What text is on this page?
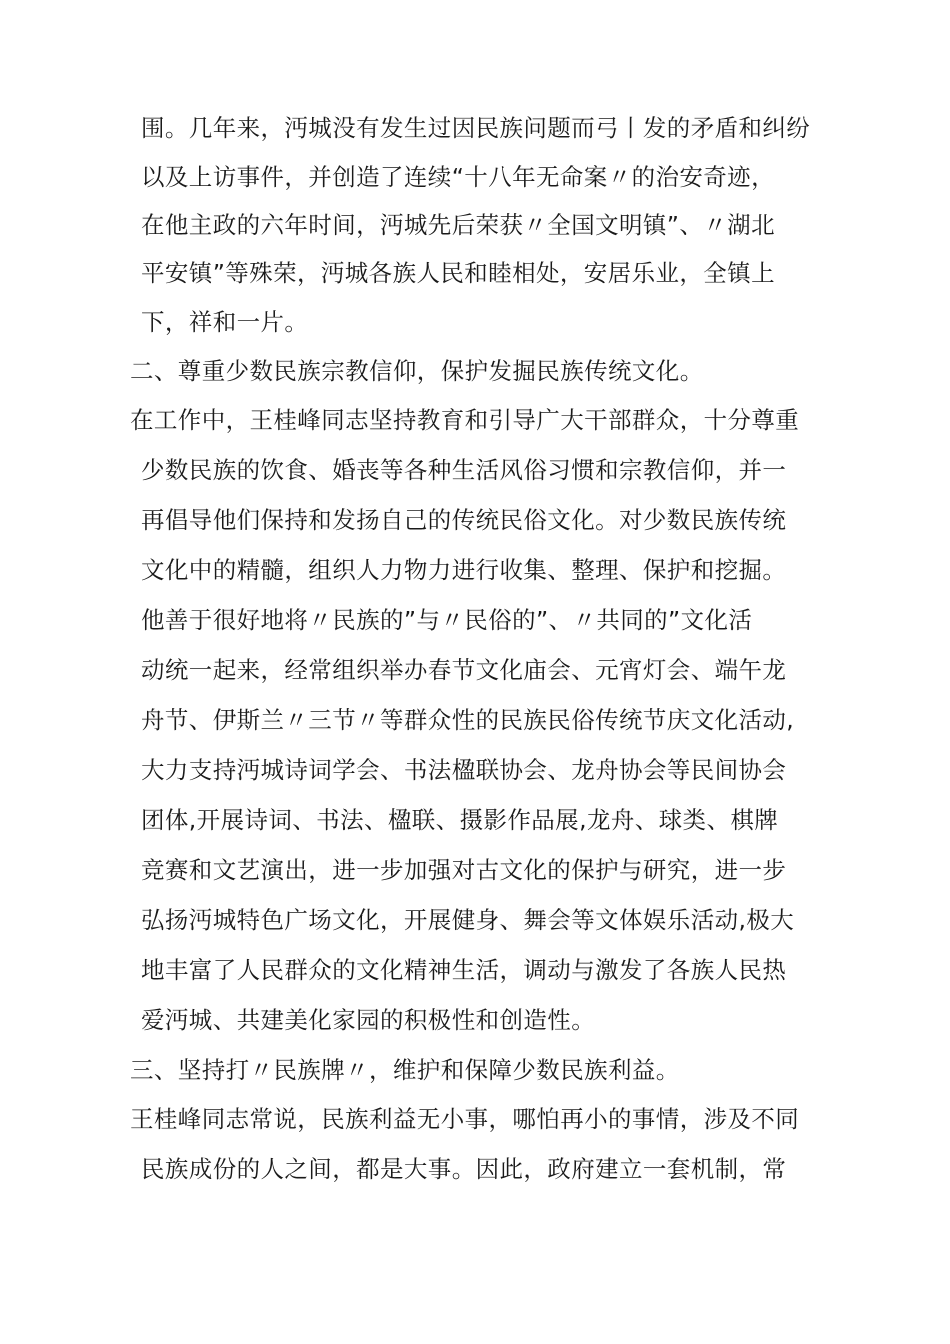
围。几年来，沔城没有发生过因民族问题而弓丨发的矛盾和纠纷
以及上访事件，并创造了连续“十八年无命案〃的治安奇迹，
在他主政的六年时间，沔城先后荣获〃全国文明镇”、〃湖北
平安镇”等殊荣，沔城各族人民和睦相处，安居乐业，全镇上
下，祥和一片。
二、尊重少数民族宗教信仰，保护发掘民族传统文化。
在工作中，王桂峰同志坚持教育和引导广大干部群众，十分尊重
少数民族的饮食、婚丧等各种生活风俗习惯和宗教信仰，并一
再倡导他们保持和发扬自己的传统民俗文化。对少数民族传统
文化中的精髓，组织人力物力进行收集、整理、保护和挖掘。
他善于很好地将〃民族的”与〃民俗的”、〃共同的”文化活
动统一起来，经常组织举办春节文化庙会、元宵灯会、端午龙
舟节、伊斯兰〃三节〃等群众性的民族民俗传统节庆文化活动,
大力支持沔城诗词学会、书法楹联协会、龙舟协会等民间协会
团体,开展诗词、书法、楹联、摄影作品展,龙舟、球类、棋牌
竞赛和文艺演出，进一步加强对古文化的保护与研究，进一步
弘扬沔城特色广场文化，开展健身、舞会等文体娱乐活动,极大
地丰富了人民群众的文化精神生活，调动与激发了各族人民热
爱沔城、共建美化家园的积极性和创造性。
三、坚持打〃民族牌〃，维护和保障少数民族利益。
王桂峰同志常说，民族利益无小事，哪怕再小的事情，涉及不同
民族成份的人之间，都是大事。因此，政府建立一套机制，常
